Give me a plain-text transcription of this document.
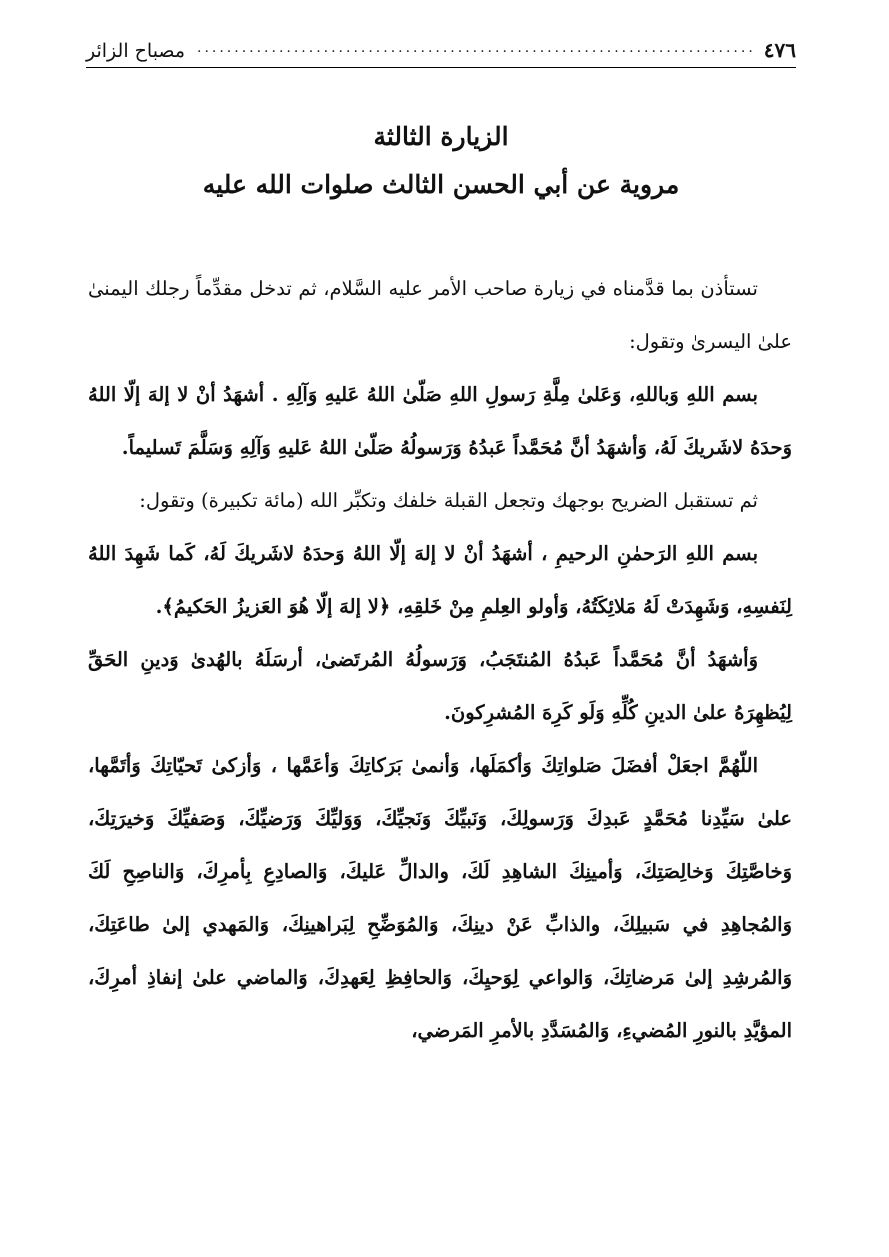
٤٧٦
.....
مصباح الزائر
الزيارة الثالثة
مروية عن أبي الحسن الثالث صلوات الله عليه

تستأذن بما قدَّمناه في زيارة صاحب الأمر عليه السَّلام، ثم تدخل مقدِّماً رجلك اليمنىٰ علىٰ اليسرىٰ وتقول:

بسم اللهِ وَباللهِ، وَعَلىٰ مِلَّةِ رَسولِ اللهِ صَلّىٰ اللهُ عَليهِ وَآلِهِ . أشهَدُ أنْ لا إلهَ إلّا اللهُ وَحدَهُ لاشَريكَ لَهُ، وَأشهَدُ أنَّ مُحَمَّداً عَبدُهُ وَرَسولُهُ صَلّىٰ اللهُ عَليهِ وَآلِهِ وَسَلَّمَ تَسليماً.

ثم تستقبل الضريح بوجهك وتجعل القبلة خلفك وتكبِّر الله (مائة تكبيرة) وتقول:

بسم اللهِ الرَحمٰنِ الرحيمِ ، أشهَدُ أنْ لا إلهَ إلّا اللهُ وَحدَهُ لاشَريكَ لَهُ، كَما شَهِدَ اللهُ لِنَفسِهِ، وَشَهِدَتْ لَهُ مَلائِكَتُهُ، وَأولو العِلمِ مِنْ خَلقِهِ، ﴿لا إلهَ إلّا هُوَ العَزيزُ الحَكيمُ﴾.

وَأشهَدُ أنَّ مُحَمَّداً عَبدُهُ المُنتَجَبُ، وَرَسولُهُ المُرتَضىٰ، أرسَلَهُ بالهُدىٰ وَدينِ الحَقِّ لِيُظهِرَهُ علىٰ الدينِ كُلِّهِ وَلَو كَرِهَ المُشرِكونَ.

اللّهُمَّ اجعَلْ أفضَلَ صَلواتِكَ وَأكمَلَها، وَأنمىٰ بَرَكاتِكَ وَأعَمَّها ، وَأزكىٰ تَحيّاتِكَ وَأتَمَّها، علىٰ سَيِّدِنا مُحَمَّدٍ عَبدِكَ وَرَسولِكَ، وَنَبيِّكَ وَنَجيِّكَ، وَوَليِّكَ وَرَضيِّكَ، وَصَفيِّكَ وَخيرَتِكَ، وَخاصَّتِكَ وَخالِصَتِكَ، وَأمينِكَ الشاهِدِ لَكَ، والدالِّ عَليكَ، وَالصادِعِ بِأمرِكَ، وَالناصِحِ لَكَ وَالمُجاهِدِ في سَبيلِكَ، والذابِّ عَنْ دينِكَ، وَالمُوَضِّحِ لِبَراهينِكَ، وَالمَهدي إلىٰ طاعَتِكَ، وَالمُرشِدِ إلىٰ مَرضاتِكَ، وَالواعي لِوَحيِكَ، وَالحافِظِ لِعَهدِكَ، وَالماضي علىٰ إنفاذِ أمرِكَ، المؤيَّدِ بالنورِ المُضيءِ، وَالمُسَدَّدِ بالأمرِ المَرضي،
